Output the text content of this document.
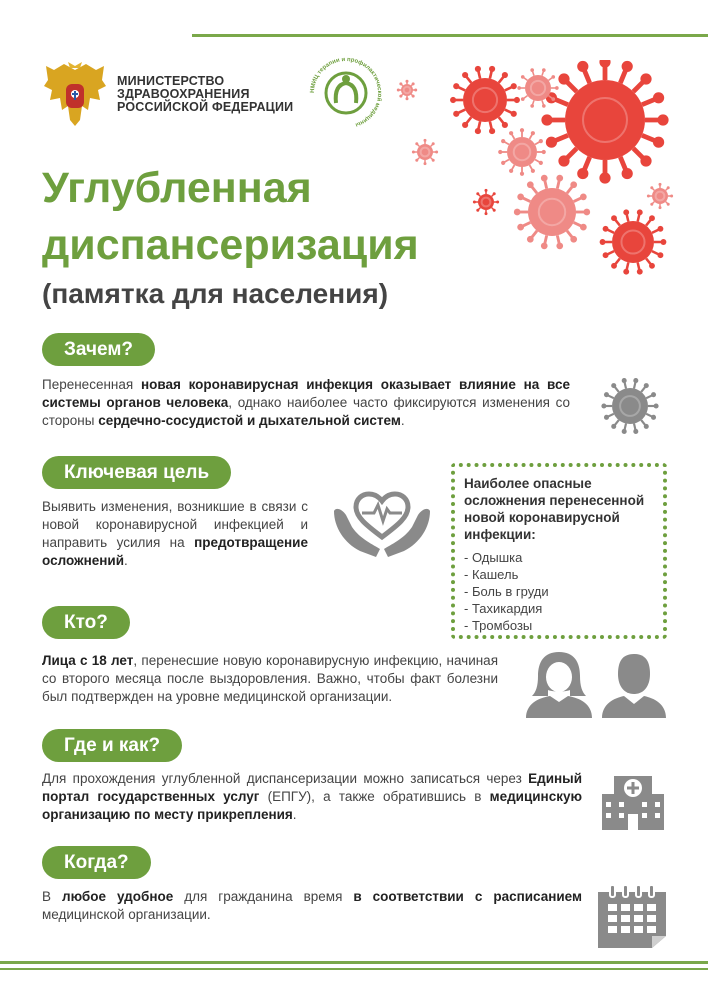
МИНИСТЕРСТВО
ЗДРАВООХРАНЕНИЯ
РОССИЙСКОЙ ФЕДЕРАЦИИ
НМИЦ терапии и профилактической медицины
Углубленная
диспансеризация
(памятка для населения)
Зачем?

Перенесенная новая коронавирусная инфекция оказывает влияние на все системы органов человека, однако наиболее часто фиксируются изменения со стороны сердечно-сосудистой и дыхательной систем.

Ключевая цель

Выявить изменения, возникшие в связи с новой коронавирусной инфекцией и направить усилия на предотвращение осложнений.

Наиболее опасные
осложнения перенесенной
новой коронавирусной
инфекции:
- Одышка
- Кашель
- Боль в груди
- Тахикардия
- Тромбозы
Кто?

Лица с 18 лет, перенесшие новую коронавирусную инфекцию, начиная со второго месяца после выздоровления. Важно, чтобы факт болезни был подтвержден на уровне медицинской организации.

Где и как?

Для прохождения углубленной диспансеризации можно записаться через Единый портал государственных услуг (ЕПГУ), а также обратившись в медицинскую организацию по месту прикрепления.

Когда?

В любое удобное для гражданина время в соответствии с расписанием медицинской организации.
